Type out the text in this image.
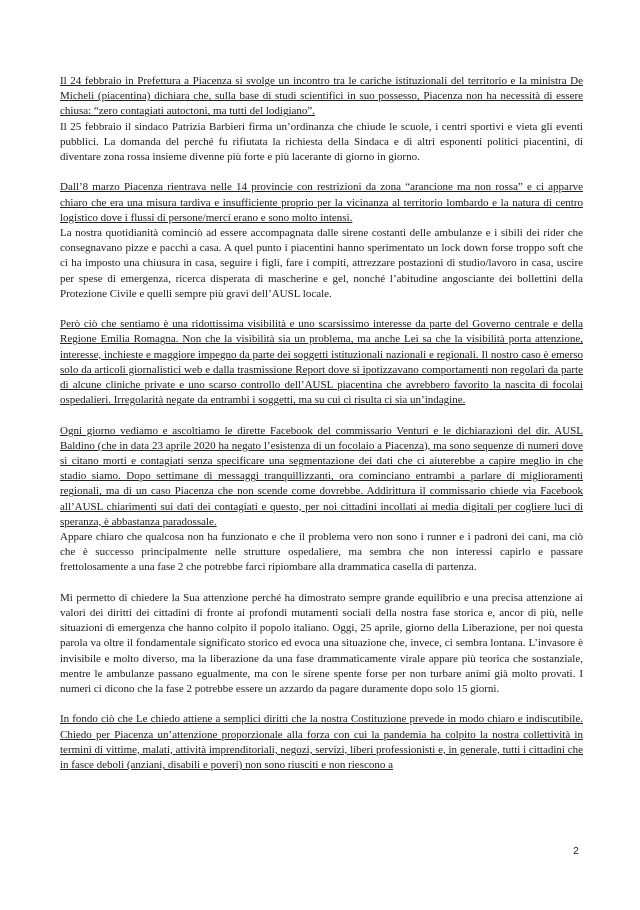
Il 24 febbraio in Prefettura a Piacenza si svolge un incontro tra le cariche istituzionali del territorio e la ministra De Micheli (piacentina) dichiara che, sulla base di studi scientifici in suo possesso, Piacenza non ha necessità di essere chiusa: “zero contagiati autoctoni, ma tutti del lodigiano”.
Il 25 febbraio il sindaco Patrizia Barbieri firma un’ordinanza che chiude le scuole, i centri sportivi e vieta gli eventi pubblici. La domanda del perché fu rifiutata la richiesta della Sindaca e di altri esponenti politici piacentini, di diventare zona rossa insieme divenne più forte e più lacerante di giorno in giorno.

Dall’8 marzo Piacenza rientrava nelle 14 provincie con restrizioni da zona “arancione ma non rossa” e ci apparve chiaro che era una misura tardiva e insufficiente proprio per la vicinanza al territorio lombardo e la natura di centro logistico dove i flussi di persone/merci erano e sono molto intensi.
La nostra quotidianità cominciò ad essere accompagnata dalle sirene costanti delle ambulanze e i sibili dei rider che consegnavano pizze e pacchi a casa. A quel punto i piacentini hanno sperimentato un lock down forse troppo soft che ci ha imposto una chiusura in casa, seguire i figli, fare i compiti, attrezzare postazioni di studio/lavoro in casa, uscire per spese di emergenza, ricerca disperata di mascherine e gel, nonché l’abitudine angosciante dei bollettini della Protezione Civile e quelli sempre più gravi dell’AUSL locale.

Però ciò che sentiamo è una ridottissima visibilità e uno scarsissimo interesse da parte del Governo centrale e della Regione Emilia Romagna. Non che la visibilità sia un problema, ma anche Lei sa che la visibilità porta attenzione, interesse, inchieste e maggiore impegno da parte dei soggetti istituzionali nazionali e regionali. Il nostro caso è emerso solo da articoli giornalistici web e dalla trasmissione Report dove si ipotizzavano comportamenti non regolari da parte di alcune cliniche private e uno scarso controllo dell’AUSL piacentina che avrebbero favorito la nascita di focolai ospedalieri. Irregolarità negate da entrambi i soggetti, ma su cui ci risulta ci sia un’indagine.

Ogni giorno vediamo e ascoltiamo le dirette Facebook del commissario Venturi e le dichiarazioni del dir. AUSL Baldino (che in data 23 aprile 2020 ha negato l’esistenza di un focolaio a Piacenza), ma sono sequenze di numeri dove si citano morti e contagiati senza specificare una segmentazione dei dati che ci aiuterebbe a capire meglio in che stadio siamo. Dopo settimane di messaggi tranquillizzanti, ora cominciano entrambi a parlare di miglioramenti regionali, ma di un caso Piacenza che non scende come dovrebbe. Addirittura il commissario chiede via Facebook all’AUSL chiarimenti sui dati dei contagiati e questo, per noi cittadini incollati ai media digitali per cogliere luci di speranza, è abbastanza paradossale.
Appare chiaro che qualcosa non ha funzionato e che il problema vero non sono i runner e i padroni dei cani, ma ciò che è successo principalmente nelle strutture ospedaliere, ma sembra che non interessi capirlo e passare frettolosamente a una fase 2 che potrebbe farci ripiombare alla drammatica casella di partenza.

Mi permetto di chiedere la Sua attenzione perché ha dimostrato sempre grande equilibrio e una precisa attenzione ai valori dei diritti dei cittadini di fronte ai profondi mutamenti sociali della nostra fase storica e, ancor di più, nelle situazioni di emergenza che hanno colpito il popolo italiano. Oggi, 25 aprile, giorno della Liberazione, per noi questa parola va oltre il fondamentale significato storico ed evoca una situazione che, invece, ci sembra lontana. L’invasore è invisibile e molto diverso, ma la liberazione da una fase drammaticamente virale appare più teorica che sostanziale, mentre le ambulanze passano egualmente, ma con le sirene spente forse per non turbare animi già molto provati. I numeri ci dicono che la fase 2 potrebbe essere un azzardo da pagare duramente dopo solo 15 giorni.

In fondo ciò che Le chiedo attiene a semplici diritti che la nostra Costituzione prevede in modo chiaro e indiscutibile. Chiedo per Piacenza un’attenzione proporzionale alla forza con cui la pandemia ha colpito la nostra collettività in termini di vittime, malati, attività imprenditoriali, negozi, servizi, liberi professionisti e, in generale, tutti i cittadini che in fasce deboli (anziani, disabili e poveri) non sono riusciti e non riescono a

2
